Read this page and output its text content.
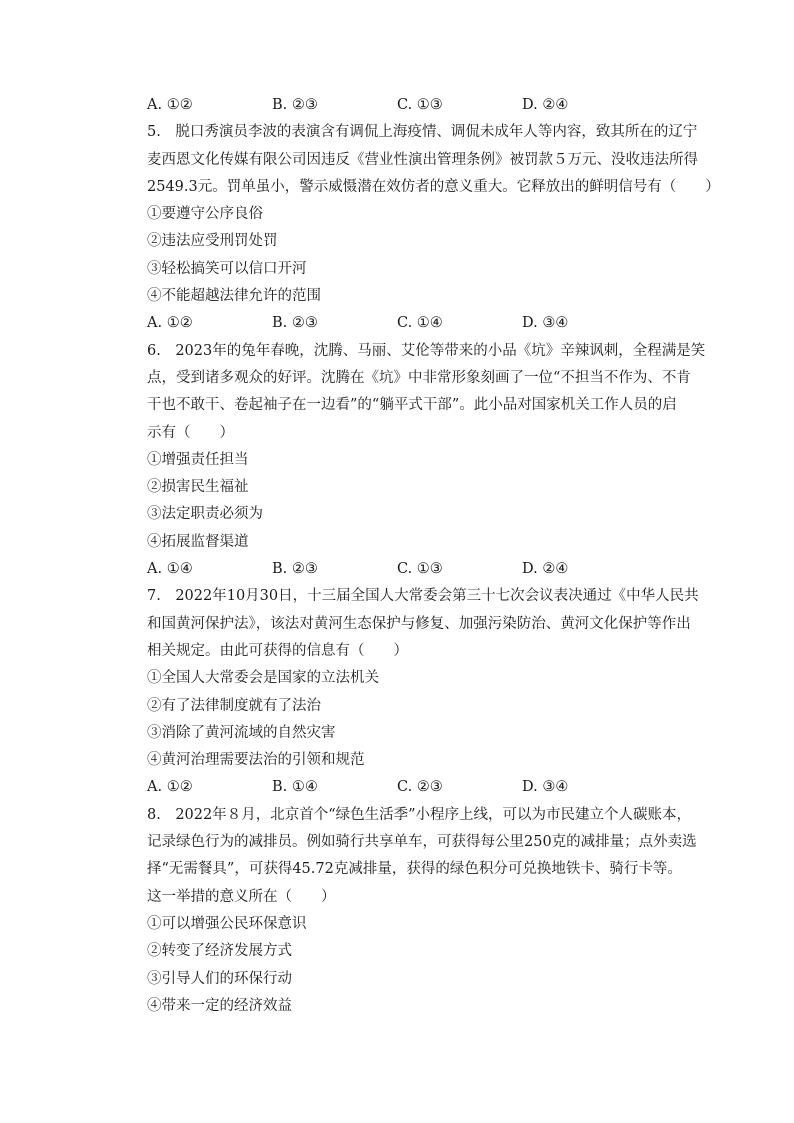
A. ①②	B. ②③	C. ①③	D. ②④
5.　脱口秀演员李波的表演含有调侃上海疫情、调侃未成年人等内容，致其所在的辽宁
麦西恩文化传媒有限公司因违反《营业性演出管理条例》被罚款５万元、没收违法所得
2549.3元。罚单虽小，警示威慑潜在效仿者的意义重大。它释放出的鲜明信号有（　　）
①要遵守公序良俗
②违法应受刑罚处罚
③轻松搞笑可以信口开河
④不能超越法律允许的范围
A. ①②	B. ②③	C. ①④	D. ③④
6.　2023年的兔年春晚，沈腾、马丽、艾伦等带来的小品《坑》辛辣讽刺，全程满是笑
点，受到诸多观众的好评。沈腾在《坑》中非常形象刻画了一位“不担当不作为、不肯
干也不敢干、卷起袖子在一边看”的“躺平式干部”。此小品对国家机关工作人员的启
示有（　　）
①增强责任担当
②损害民生福祉
③法定职责必须为
④拓展监督渠道
A. ①④	B. ②③	C. ①③	D. ②④
7.　2022年10月30日，十三届全国人大常委会第三十七次会议表决通过《中华人民共
和国黄河保护法》，该法对黄河生态保护与修复、加强污染防治、黄河文化保护等作出
相关规定。由此可获得的信息有（　　）
①全国人大常委会是国家的立法机关
②有了法律制度就有了法治
③消除了黄河流域的自然灾害
④黄河治理需要法治的引领和规范
A. ①②	B. ①④	C. ②③	D. ③④
8.　2022年８月，北京首个“绿色生活季”小程序上线，可以为市民建立个人碳账本，
记录绿色行为的减排员。例如骑行共享单车，可获得每公里250克的减排量；点外卖选
择“无需餐具”，可获得45.72克减排量，获得的绿色积分可兑换地铁卡、骑行卡等。
这一举措的意义所在（　　）
①可以增强公民环保意识
②转变了经济发展方式
③引导人们的环保行动
④带来一定的经济效益
